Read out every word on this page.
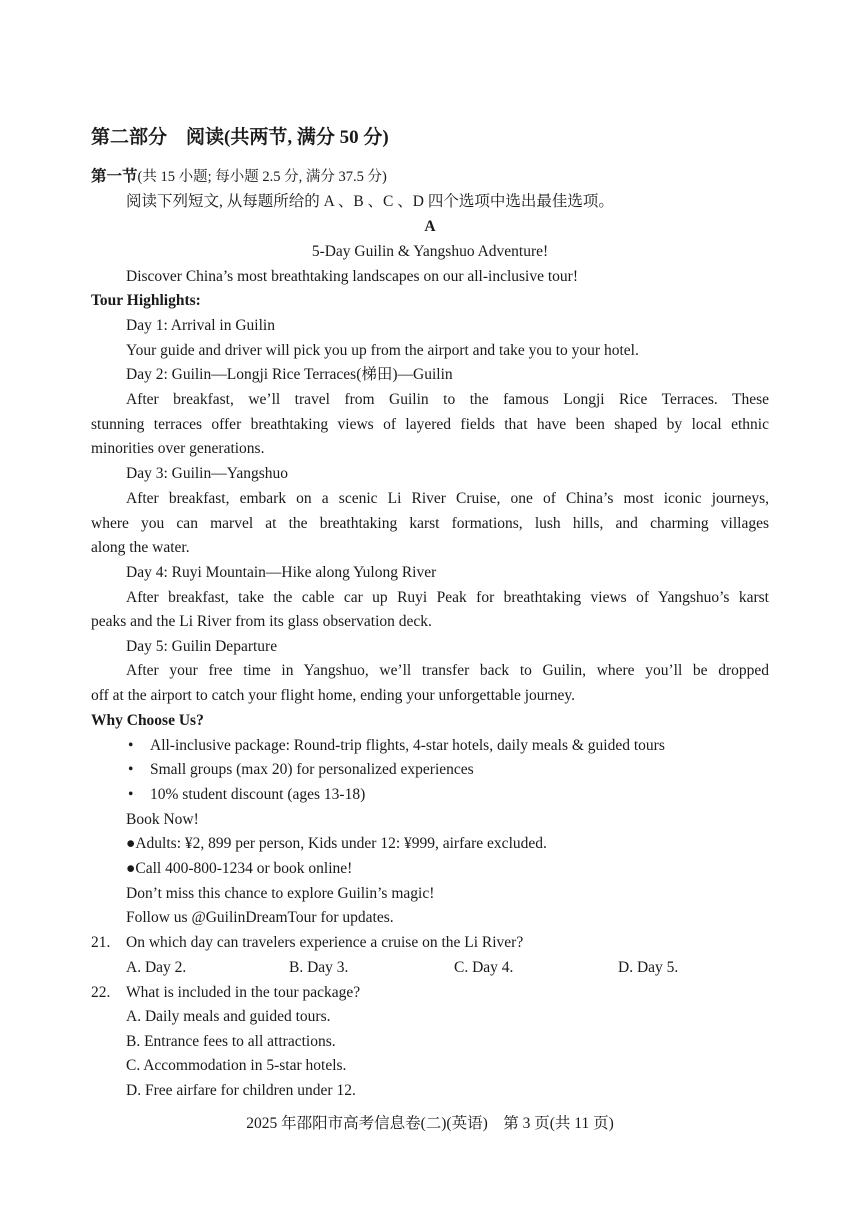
第二部分　阅读(共两节, 满分 50 分)
第一节(共 15 小题; 每小题 2.5 分, 满分 37.5 分)
阅读下列短文, 从每题所给的 A 、B 、C 、D 四个选项中选出最佳选项。
A
5-Day Guilin & Yangshuo Adventure!
Discover China’s most breathtaking landscapes on our all-inclusive tour!
Tour Highlights:
Day 1: Arrival in Guilin
Your guide and driver will pick you up from the airport and take you to your hotel.
Day 2: Guilin—Longji Rice Terraces(梯田)—Guilin
After breakfast, we’ll travel from Guilin to the famous Longji Rice Terraces. These
stunning terraces offer breathtaking views of layered fields that have been shaped by local ethnic
minorities over generations.
Day 3: Guilin—Yangshuo
After breakfast, embark on a scenic Li River Cruise, one of China’s most iconic journeys,
where you can marvel at the breathtaking karst formations, lush hills, and charming villages
along the water.
Day 4: Ruyi Mountain—Hike along Yulong River
After breakfast, take the cable car up Ruyi Peak for breathtaking views of Yangshuo’s karst
peaks and the Li River from its glass observation deck.
Day 5: Guilin Departure
After your free time in Yangshuo, we’ll transfer back to Guilin, where you’ll be dropped
off at the airport to catch your flight home, ending your unforgettable journey.
Why Choose Us?
• All-inclusive package: Round-trip flights, 4-star hotels, daily meals & guided tours
• Small groups (max 20) for personalized experiences
• 10% student discount (ages 13-18)
Book Now!
●Adults: ¥2, 899 per person, Kids under 12: ¥999, airfare excluded.
●Call 400-800-1234 or book online!
Don’t miss this chance to explore Guilin’s magic!
Follow us @GuilinDreamTour for updates.
21. On which day can travelers experience a cruise on the Li River?
A. Day 2.	B. Day 3.	C. Day 4.	D. Day 5.
22. What is included in the tour package?
A. Daily meals and guided tours.
B. Entrance fees to all attractions.
C. Accommodation in 5-star hotels.
D. Free airfare for children under 12.
2025 年邵阳市高考信息卷(二)(英语)　第 3 页(共 11 页)
